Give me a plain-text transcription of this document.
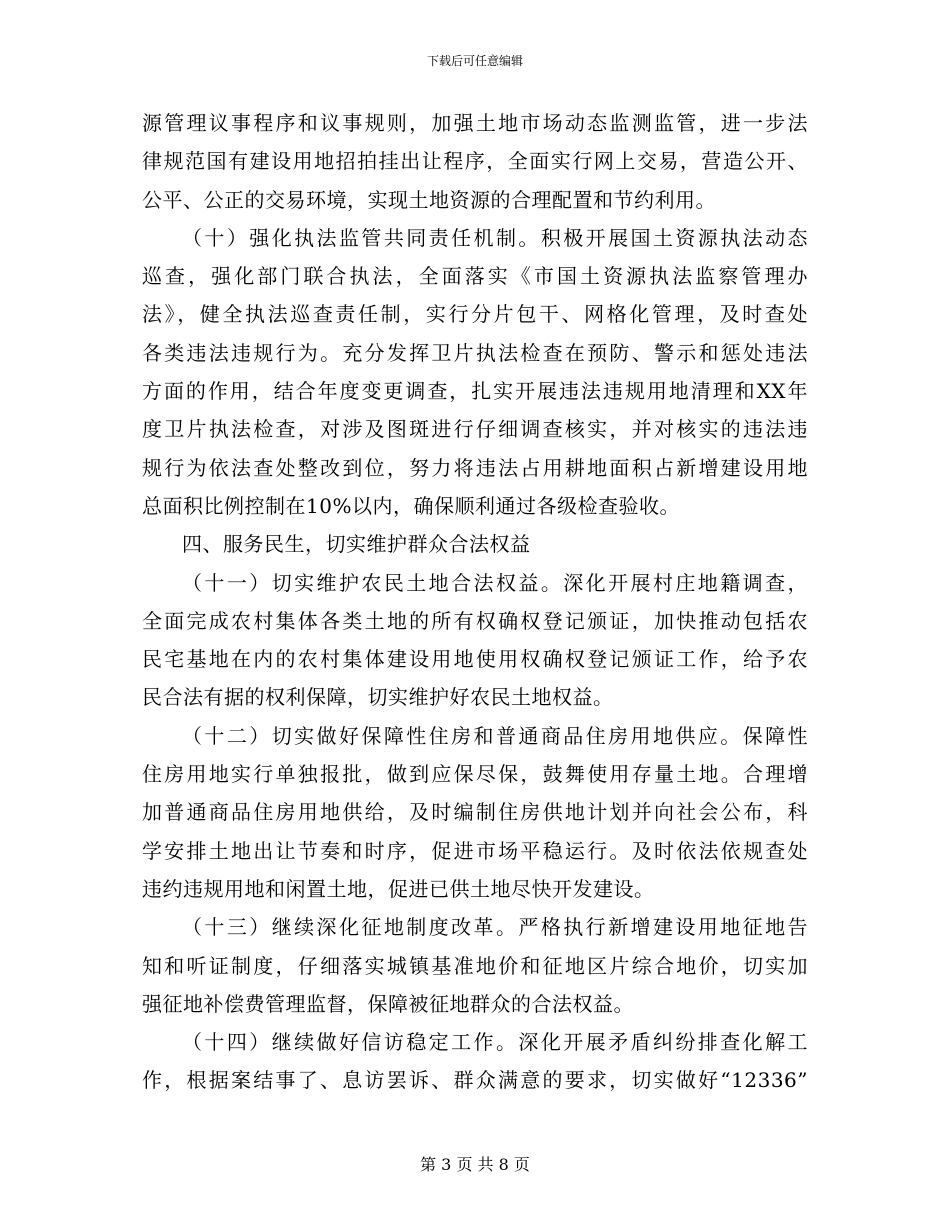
下载后可任意编辑
源管理议事程序和议事规则，加强土地市场动态监测监管，进一步法
律规范国有建设用地招拍挂出让程序，全面实行网上交易，营造公开、
公平、公正的交易环境，实现土地资源的合理配置和节约利用。
（十）强化执法监管共同责任机制。积极开展国土资源执法动态
巡查，强化部门联合执法，全面落实《市国土资源执法监察管理办
法》，健全执法巡查责任制，实行分片包干、网格化管理，及时查处
各类违法违规行为。充分发挥卫片执法检查在预防、警示和惩处违法
方面的作用，结合年度变更调查，扎实开展违法违规用地清理和XX年
度卫片执法检查，对涉及图斑进行仔细调查核实，并对核实的违法违
规行为依法查处整改到位，努力将违法占用耕地面积占新增建设用地
总面积比例控制在10%以内，确保顺利通过各级检查验收。
四、服务民生，切实维护群众合法权益
（十一）切实维护农民土地合法权益。深化开展村庄地籍调查，
全面完成农村集体各类土地的所有权确权登记颁证，加快推动包括农
民宅基地在内的农村集体建设用地使用权确权登记颁证工作，给予农
民合法有据的权利保障，切实维护好农民土地权益。
（十二）切实做好保障性住房和普通商品住房用地供应。保障性
住房用地实行单独报批，做到应保尽保，鼓舞使用存量土地。合理增
加普通商品住房用地供给，及时编制住房供地计划并向社会公布，科
学安排土地出让节奏和时序，促进市场平稳运行。及时依法依规查处
违约违规用地和闲置土地，促进已供土地尽快开发建设。
（十三）继续深化征地制度改革。严格执行新增建设用地征地告
知和听证制度，仔细落实城镇基准地价和征地区片综合地价，切实加
强征地补偿费管理监督，保障被征地群众的合法权益。
（十四）继续做好信访稳定工作。深化开展矛盾纠纷排查化解工
作，根据案结事了、息访罢诉、群众满意的要求，切实做好“12336”
第 3 页 共 8 页
